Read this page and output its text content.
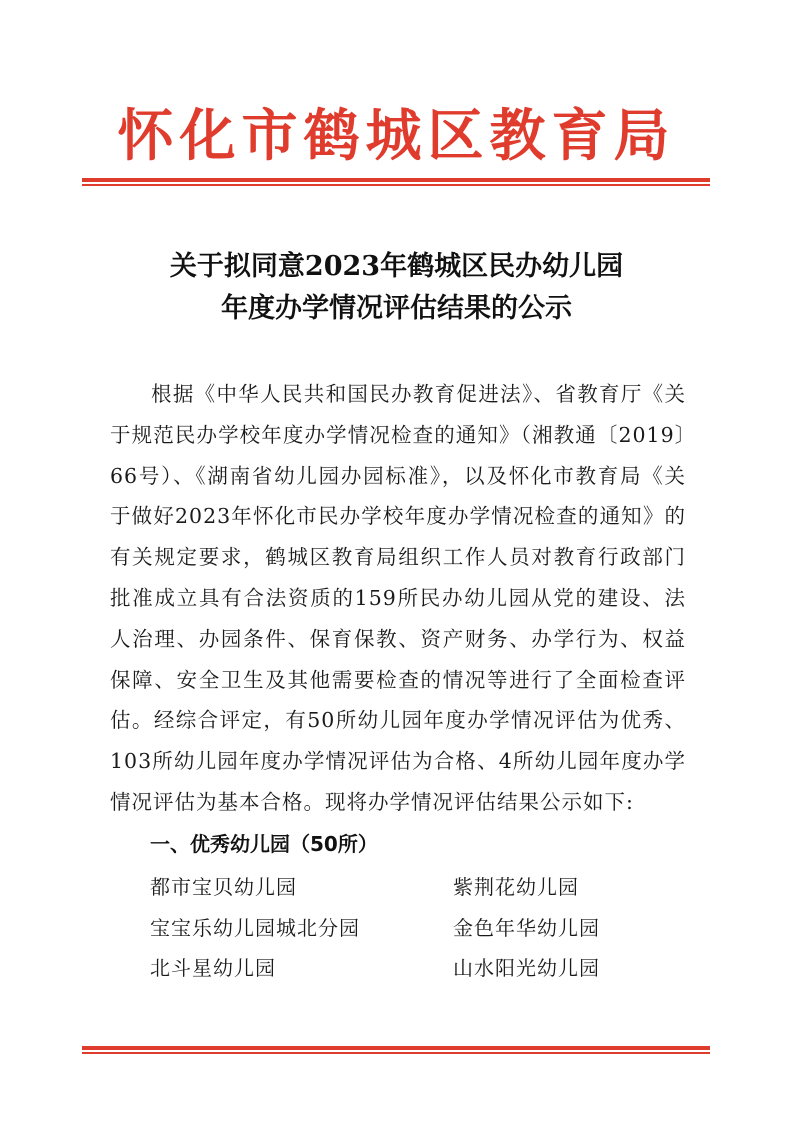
怀化市鹤城区教育局
关于拟同意2023年鹤城区民办幼儿园
年度办学情况评估结果的公示
根据《中华人民共和国民办教育促进法》、省教育厅《关于规范民办学校年度办学情况检查的通知》（湘教通〔2019〕66号）、《湖南省幼儿园办园标准》，以及怀化市教育局《关于做好2023年怀化市民办学校年度办学情况检查的通知》的有关规定要求，鹤城区教育局组织工作人员对教育行政部门批准成立具有合法资质的159所民办幼儿园从党的建设、法人治理、办园条件、保育保教、资产财务、办学行为、权益保障、安全卫生及其他需要检查的情况等进行了全面检查评估。经综合评定，有50所幼儿园年度办学情况评估为优秀、103所幼儿园年度办学情况评估为合格、4所幼儿园年度办学情况评估为基本合格。现将办学情况评估结果公示如下:
一、优秀幼儿园（50所）
都市宝贝幼儿园	紫荆花幼儿园
宝宝乐幼儿园城北分园	金色年华幼儿园
北斗星幼儿园	山水阳光幼儿园
